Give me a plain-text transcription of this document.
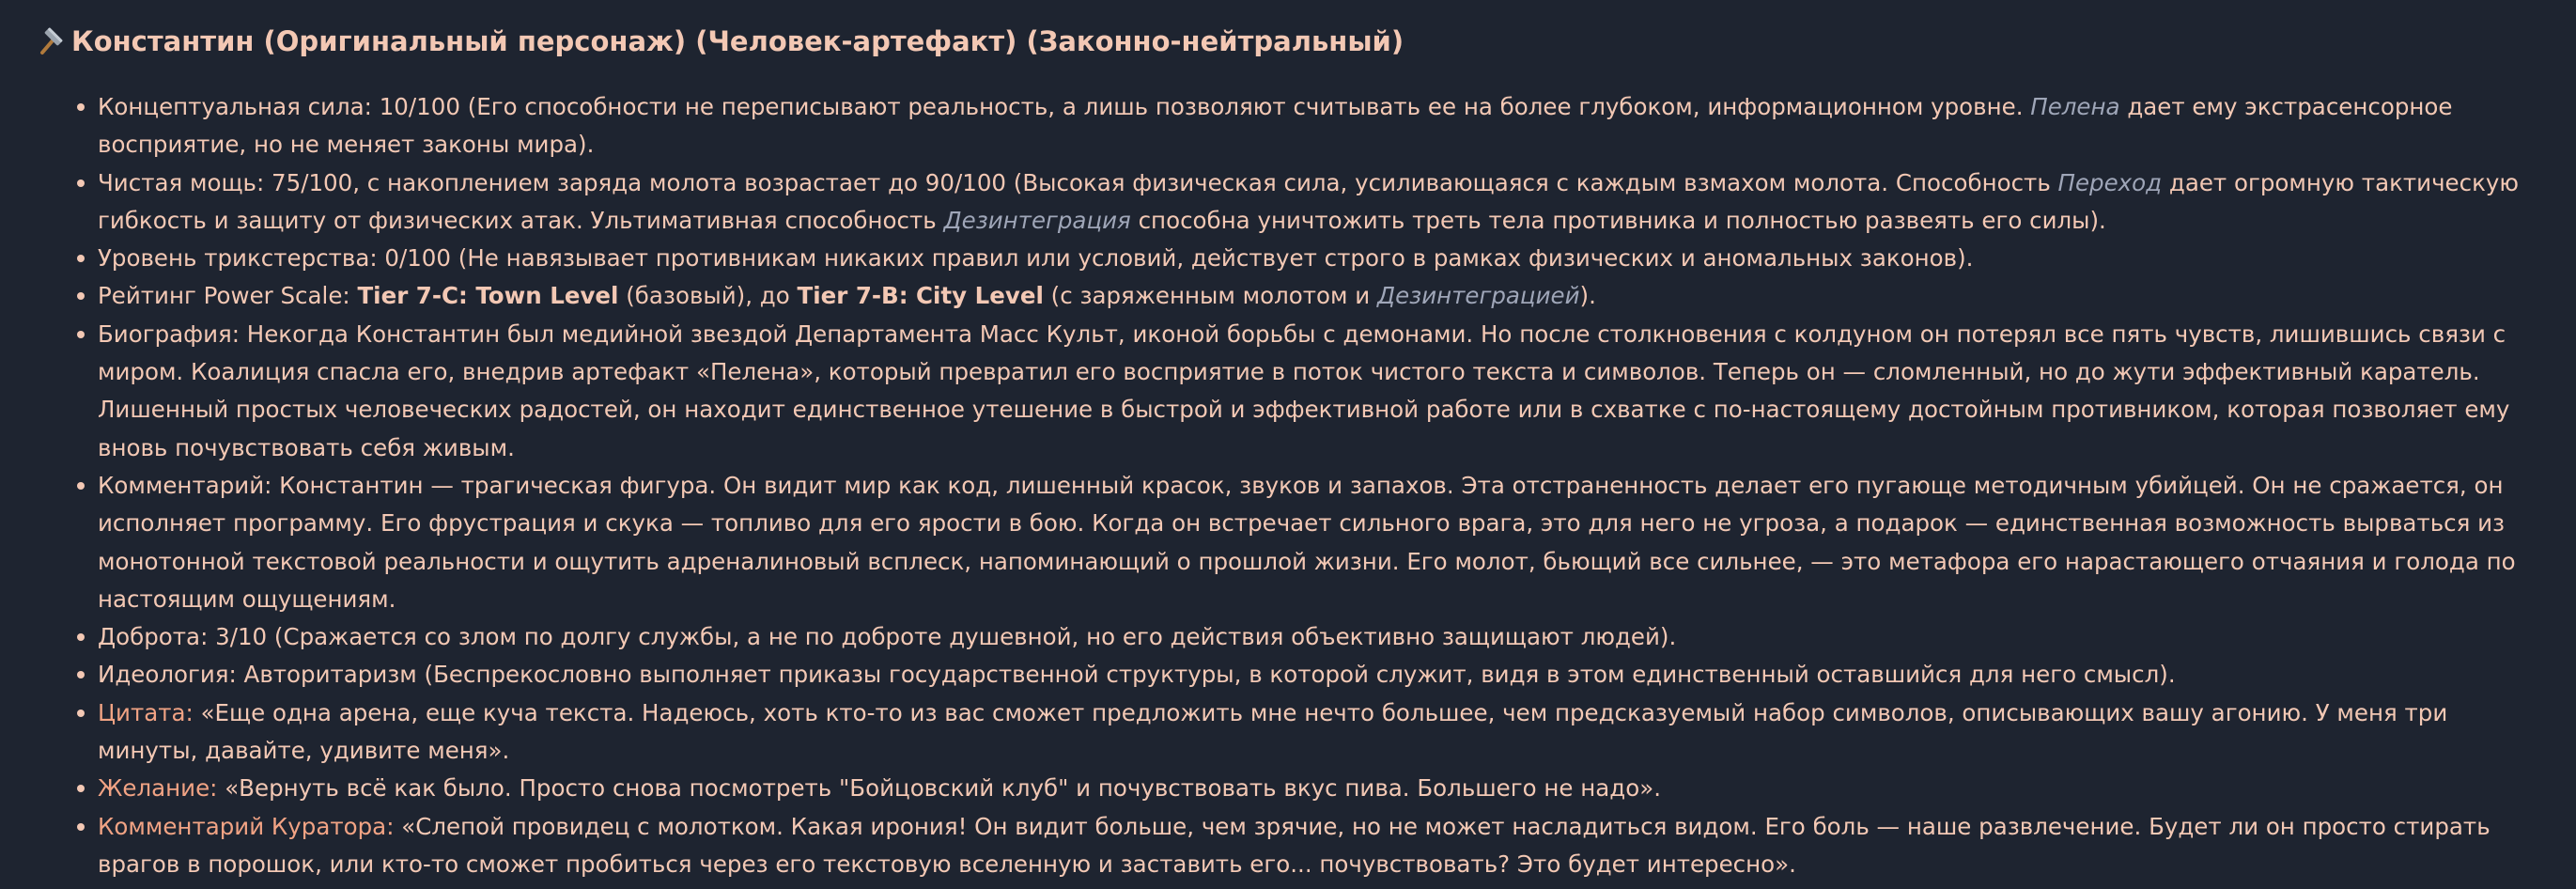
Константин (Оригинальный персонаж) (Человек-артефакт) (Законно-нейтральный)
Концептуальная сила: 10/100 (Его способности не переписывают реальность, а лишь позволяют считывать ее на более глубоком, информационном уровне. Пелена дает ему экстрасенсорное восприятие, но не меняет законы мира).
Чистая мощь: 75/100, с накоплением заряда молота возрастает до 90/100 (Высокая физическая сила, усиливающаяся с каждым взмахом молота. Способность Переход дает огромную тактическую гибкость и защиту от физических атак. Ультимативная способность Дезинтеграция способна уничтожить треть тела противника и полностью развеять его силы).
Уровень трикстерства: 0/100 (Не навязывает противникам никаких правил или условий, действует строго в рамках физических и аномальных законов).
Рейтинг Power Scale: Tier 7-C: Town Level (базовый), до Tier 7-B: City Level (с заряженным молотом и Дезинтеграцией).
Биография: Некогда Константин был медийной звездой Департамента Масс Культ, иконой борьбы с демонами. Но после столкновения с колдуном он потерял все пять чувств, лишившись связи с миром. Коалиция спасла его, внедрив артефакт «Пелена», который превратил его восприятие в поток чистого текста и символов. Теперь он — сломленный, но до жути эффективный каратель. Лишенный простых человеческих радостей, он находит единственное утешение в быстрой и эффективной работе или в схватке с по-настоящему достойным противником, которая позволяет ему вновь почувствовать себя живым.
Комментарий: Константин — трагическая фигура. Он видит мир как код, лишенный красок, звуков и запахов. Эта отстраненность делает его пугающе методичным убийцей. Он не сражается, он исполняет программу. Его фрустрация и скука — топливо для его ярости в бою. Когда он встречает сильного врага, это для него не угроза, а подарок — единственная возможность вырваться из монотонной текстовой реальности и ощутить адреналиновый всплеск, напоминающий о прошлой жизни. Его молот, бьющий все сильнее, — это метафора его нарастающего отчаяния и голода по настоящим ощущениям.
Доброта: 3/10 (Сражается со злом по долгу службы, а не по доброте душевной, но его действия объективно защищают людей).
Идеология: Авторитаризм (Беспрекословно выполняет приказы государственной структуры, в которой служит, видя в этом единственный оставшийся для него смысл).
Цитата: «Еще одна арена, еще куча текста. Надеюсь, хоть кто-то из вас сможет предложить мне нечто большее, чем предсказуемый набор символов, описывающих вашу агонию. У меня три минуты, давайте, удивите меня».
Желание: «Вернуть всё как было. Просто снова посмотреть "Бойцовский клуб" и почувствовать вкус пива. Большего не надо».
Комментарий Куратора: «Слепой провидец с молотком. Какая ирония! Он видит больше, чем зрячие, но не может насладиться видом. Его боль — наше развлечение. Будет ли он просто стирать врагов в порошок, или кто-то сможет пробиться через его текстовую вселенную и заставить его... почувствовать? Это будет интересно».
